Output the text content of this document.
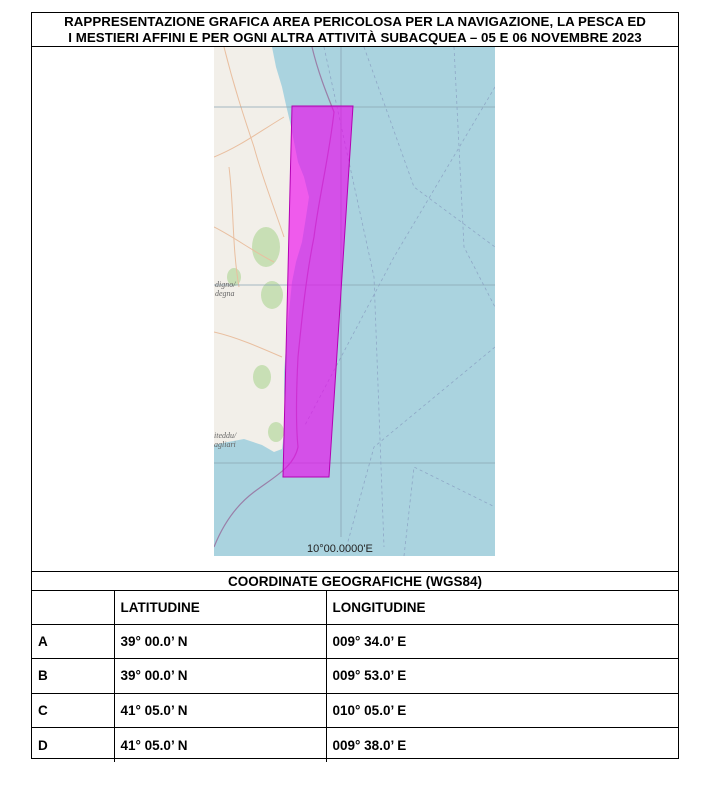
RAPPRESENTAZIONE GRAFICA AREA PERICOLOSA PER LA NAVIGAZIONE, LA PESCA ED
I MESTIERI AFFINI E PER OGNI ALTRA ATTIVITÀ SUBACQUEA – 05 E 06 NOVEMBRE 2023
digno/
degna
iteddu/
agliari
10°00.0000'E
COORDINATE GEOGRAFICHE (WGS84)
	LATITUDINE	LONGITUDINE
A	39° 00.0’ N	009° 34.0’ E
B	39° 00.0’ N	009° 53.0’ E
C	41° 05.0’ N	010° 05.0’ E
D	41° 05.0’ N	009° 38.0’ E
